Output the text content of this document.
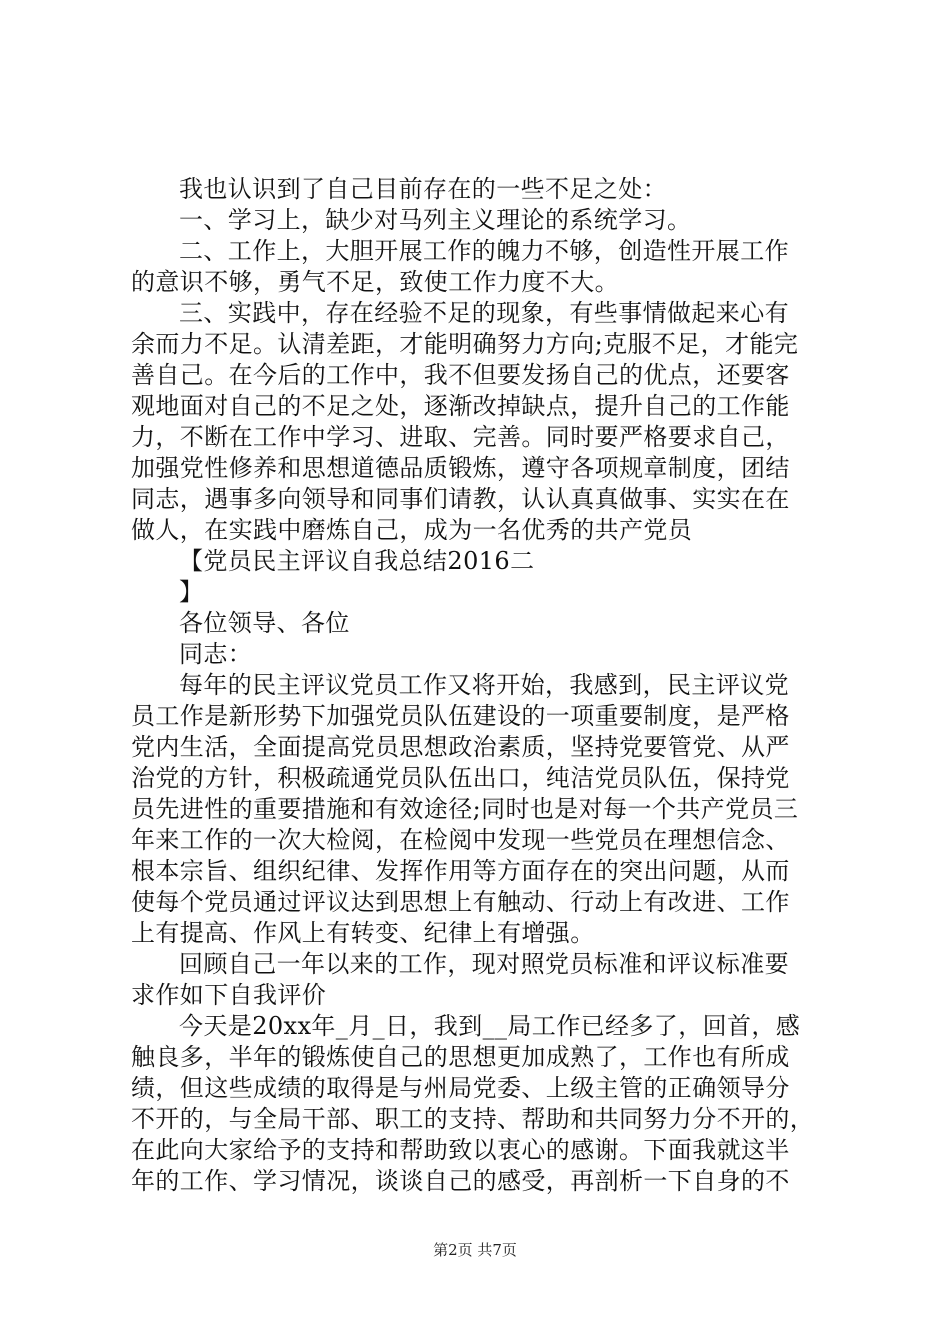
我也认识到了自己目前存在的一些不足之处：
一、学习上，缺少对马列主义理论的系统学习。
二、工作上，大胆开展工作的魄力不够，创造性开展工作
的意识不够，勇气不足，致使工作力度不大。
三、实践中，存在经验不足的现象，有些事情做起来心有
余而力不足。认清差距，才能明确努力方向;克服不足，才能完
善自己。在今后的工作中，我不但要发扬自己的优点，还要客
观地面对自己的不足之处，逐渐改掉缺点，提升自己的工作能
力，不断在工作中学习、进取、完善。同时要严格要求自己，
加强党性修养和思想道德品质锻炼，遵守各项规章制度，团结
同志，遇事多向领导和同事们请教，认认真真做事、实实在在
做人，在实践中磨炼自己，成为一名优秀的共产党员
【党员民主评议自我总结2016二
】
各位领导、各位
同志：
每年的民主评议党员工作又将开始，我感到，民主评议党
员工作是新形势下加强党员队伍建设的一项重要制度，是严格
党内生活，全面提高党员思想政治素质，坚持党要管党、从严
治党的方针，积极疏通党员队伍出口，纯洁党员队伍，保持党
员先进性的重要措施和有效途径;同时也是对每一个共产党员三
年来工作的一次大检阅，在检阅中发现一些党员在理想信念、
根本宗旨、组织纪律、发挥作用等方面存在的突出问题，从而
使每个党员通过评议达到思想上有触动、行动上有改进、工作
上有提高、作风上有转变、纪律上有增强。
回顾自己一年以来的工作，现对照党员标准和评议标准要
求作如下自我评价
今天是20xx年_月_日，我到__局工作已经多了，回首，感
触良多，半年的锻炼使自己的思想更加成熟了，工作也有所成
绩，但这些成绩的取得是与州局党委、上级主管的正确领导分
不开的，与全局干部、职工的支持、帮助和共同努力分不开的，
在此向大家给予的支持和帮助致以衷心的感谢。下面我就这半
年的工作、学习情况，谈谈自己的感受，再剖析一下自身的不
第2页 共7页
